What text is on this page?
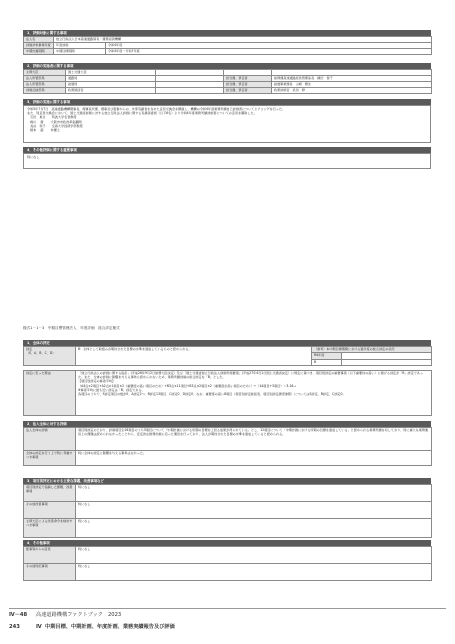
1．評価対象に関する事項
法人名	独立行政法人日本高速道路保有・債務返済機構	
評価対象事業年度	年度評価	令和4年度
中期計画期間	中期目標期間	令和4年度～令和7年度
2．評価の実施者に関する事項
主務大臣	国土交通大臣			
法人所管部局	道路局		担当課、責任者	総務課高速道路経営管理室長　横田　智子
法人所管部局	鉄道局		担当課、責任者	鉄道事業課長　山崎　雅生
評価点検部局	政策統括官		担当課、責任者	政策評価官　武田　修
3．評価の実施に関する事項
令和5年7月7日　高速道路機構理事長、理事長代理、理事及び監事からの、外部有識者を含めた意見交換会を開催し、機構の令和4年度業務実績自己評価書についてヒアリングを行った。
また、同意見交換会において、国土交通省評価に対する独立行政法人評価に関する有識者委員（以下6名）より令和4年度業務実績評価書についての意見を聴取した。
　石田　東生　　筑波大学名誉教授
　梅川　 徹　　 大阪市市政改革室顧問
　長谷　和子　　全森大学経済学部教授
　根本　 藤　　 弁護士
4．その他評価に関する重要事項
特になし
様式1－1－3　中期目標管理法人　年度評価　総合評定様式
1．全体の評定
評定
（S、A、B、C、D）	B：全体として取組みが期待された目標の水準を達成しているものと認められる。	（参考）本中期目標期間における過年度の総合評定の状況	
		R4年度	
		B	
評定に至った理由	「独立行政法人の評価に関する指針」(平成26年9月2日総務大臣決定）及び「国土交通省独立行政法人評価実施要領」(平成27年4月1日国土交通省決定）に規定に基づき、項目別評定の重要事項（以下重要性の高い）に掲げる評定が「B」評定であった。また、全体の評価に影響を与える事象も認められないため、業務実績評価の総合評定を「B」とした。
【項目別評定の算術平均】
（A4点×2項目+A2点×1項目×2（重要度の高い項目のため）+B3点×11項目+B3点×2項目×2（重要度が高い項目のため））÷（14項目+3項目）＝3.16→
※算術平均に最も近い評定は「B」評定である。
各項目のうちで、S評定項目の数が0、A評定2つ、B評定13項目、C評定0、D評定0、なお、重要度の高い8項目（項目別評定総括表、項目別評定調書参照）についてはS評定、B評定、C評定0。
2．法人全体に対する評価
法人全体の評価	項目別評定のとおり、評価項目全16項目のうち3項目について「中期計画における所期の目標を上回る成果が得られている」とし、12項目について「中期計画における所期の目標を達成している」と認められる業務実績を有しており、特に重大な業務運営上の課題は認められなかったことから、安定的な財務計画に沿った運営を行っており、法人が期待された目標の水準を達成していると認められる。
全体の評定を行う上で特に考慮すべき事項	特に全体の評定に影響を与える事象はなかった。
3．項目別評定における主要な課題、改善事項など
項目別評定で指摘した課題、改善事項	特になし
その他改善事項	特になし
主務大臣による改善命令を検討すべき事項	特になし
4．その他事項
監事等からの意見	特になし
その他特記事項	特になし
Ⅳ－48
243
高速道路機構ファクトブック　2023
Ⅳ 中期目標、中期計画、年度計画、業務実績報告及び評価
